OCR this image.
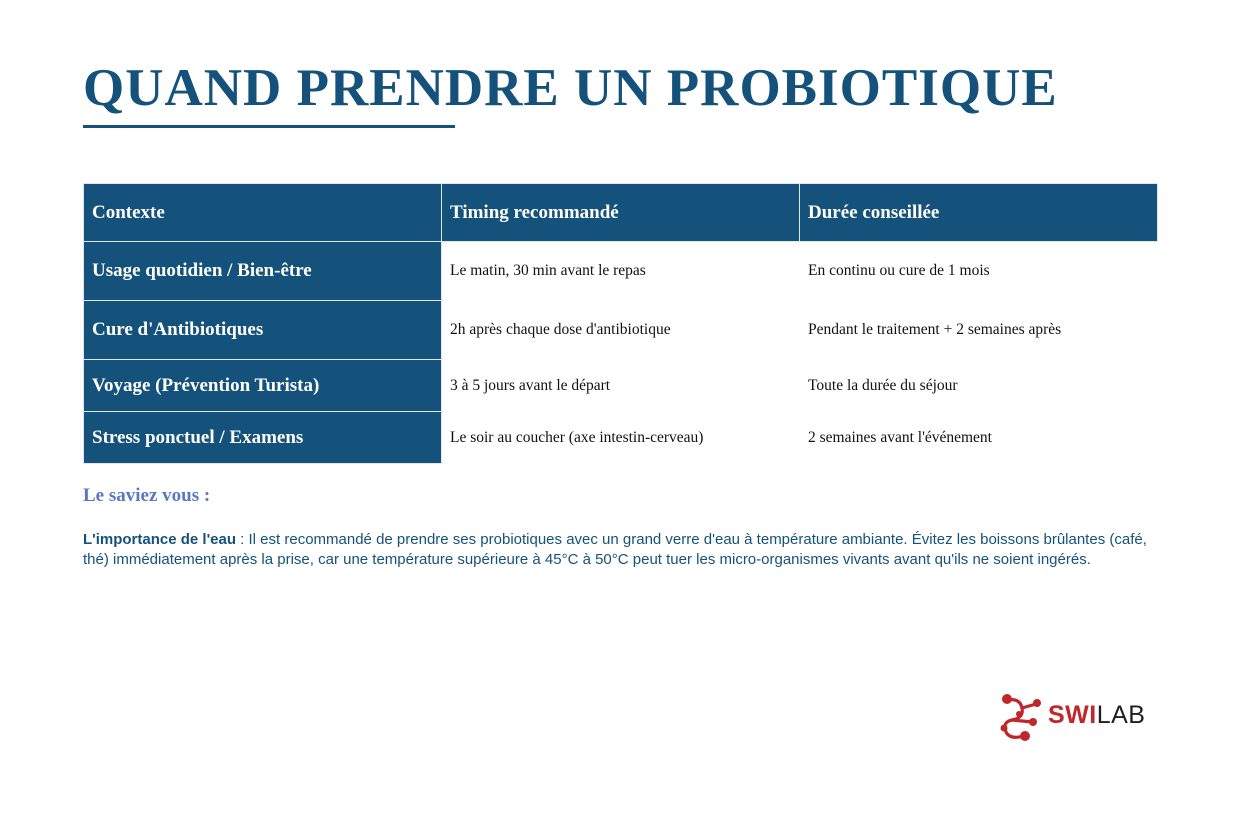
QUAND PRENDRE UN PROBIOTIQUE
Contexte	Timing recommandé	Durée conseillée
Usage quotidien / Bien-être	Le matin, 30 min avant le repas	En continu ou cure de 1 mois
Cure d'Antibiotiques	2h après chaque dose d'antibiotique	Pendant le traitement + 2 semaines après
Voyage (Prévention Turista)	3 à 5 jours avant le départ	Toute la durée du séjour
Stress ponctuel / Examens	Le soir au coucher (axe intestin-cerveau)	2 semaines avant l'événement
Le saviez vous :

L'importance de l'eau : Il est recommandé de prendre ses probiotiques avec un grand verre d'eau à température ambiante. Évitez les boissons brûlantes (café, thé) immédiatement après la prise, car une température supérieure à 45°C à 50°C peut tuer les micro-organismes vivants avant qu'ils ne soient ingérés.

SWILAB
